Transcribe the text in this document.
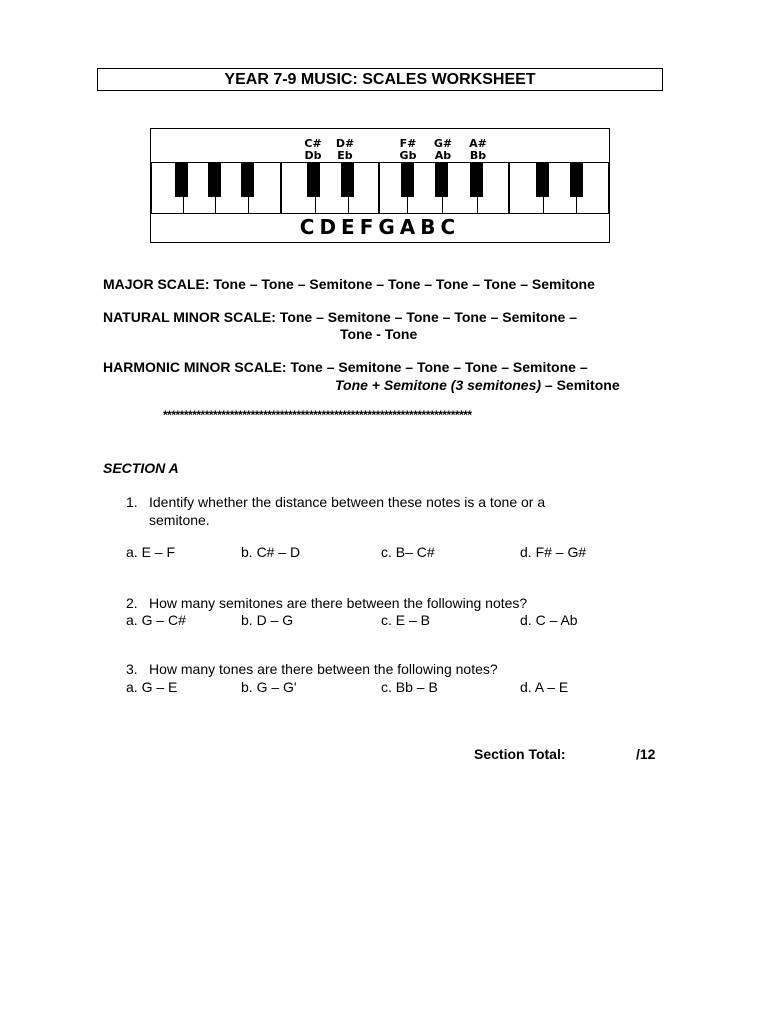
YEAR 7-9 MUSIC: SCALES WORKSHEET
C#
Db
D#
Eb
F#
Gb
G#
Ab
A#
Bb
CDEFGABC
MAJOR SCALE: Tone – Tone – Semitone – Tone – Tone – Tone – Semitone
NATURAL MINOR SCALE: Tone – Semitone – Tone – Tone – Semitone –
Tone - Tone
HARMONIC MINOR SCALE: Tone – Semitone – Tone – Tone – Semitone –
Tone + Semitone (3 semitones) – Semitone
**************************************************************************
SECTION A
1. Identify whether the distance between these notes is a tone or a
semitone.
a. E – F	b. C# – D	c. B– C#	d. F# – G#
2. How many semitones are there between the following notes?
a. G – C#	b. D – G	c. E – B	d. C – Ab
3. How many tones are there between the following notes?
a. G – E	b. G – G'	c. Bb – B	d. A – E
Section Total:	/12
